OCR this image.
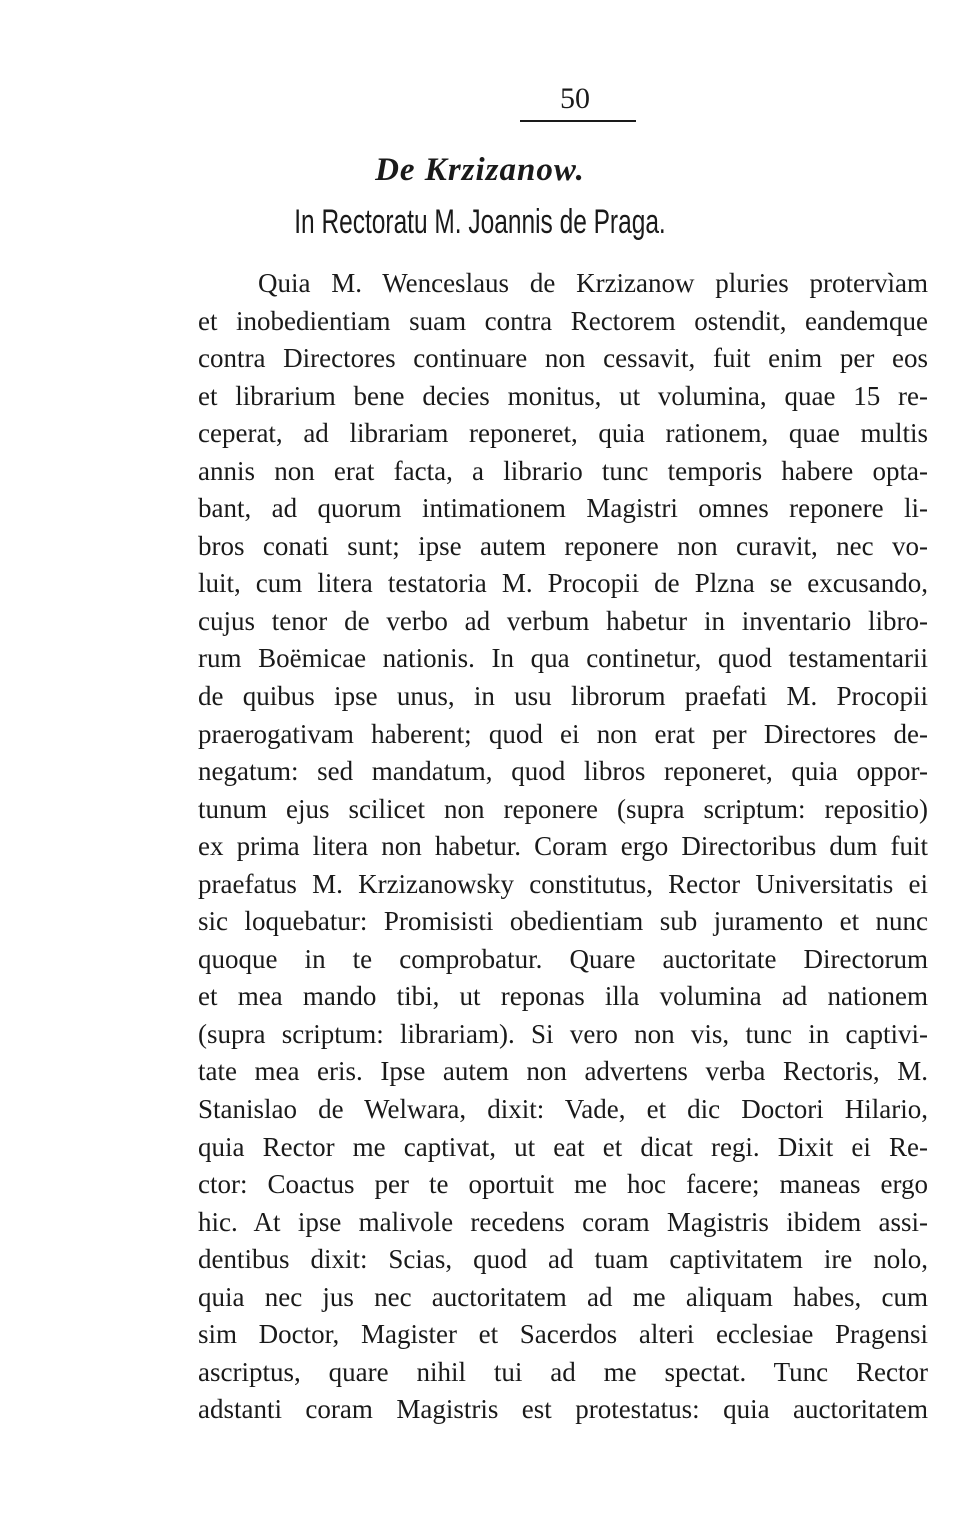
50
De Krzizanow.
In Rectoratu M. Joannis de Praga.
Quia M. Wenceslaus de Krzizanow pluries protervìam
et inobedientiam suam contra Rectorem ostendit, eandemque
contra Directores continuare non cessavit, fuit enim per eos
et librarium bene decies monitus, ut volumina, quae 15 re-
ceperat, ad librariam reponeret, quia rationem, quae multis
annis non erat facta, a librario tunc temporis habere opta-
bant, ad quorum intimationem Magistri omnes reponere li-
bros conati sunt; ipse autem reponere non curavit, nec vo-
luit, cum litera testatoria M. Procopii de Plzna se excusando,
cujus tenor de verbo ad verbum habetur in inventario libro-
rum Boëmicae nationis. In qua continetur, quod testamentarii
de quibus ipse unus, in usu librorum praefati M. Procopii
praerogativam haberent; quod ei non erat per Directores de-
negatum: sed mandatum, quod libros reponeret, quia oppor-
tunum ejus scilicet non reponere (supra scriptum: repositio)
ex prima litera non habetur. Coram ergo Directoribus dum fuit
praefatus M. Krzizanowsky constitutus, Rector Universitatis ei
sic loquebatur: Promisisti obedientiam sub juramento et nunc
quoque in te comprobatur. Quare auctoritate Directorum
et mea mando tibi, ut reponas illa volumina ad nationem
(supra scriptum: librariam). Si vero non vis, tunc in captivi-
tate mea eris. Ipse autem non advertens verba Rectoris, M.
Stanislao de Welwara, dixit: Vade, et dic Doctori Hilario,
quia Rector me captivat, ut eat et dicat regi. Dixit ei Re-
ctor: Coactus per te oportuit me hoc facere; maneas ergo
hic. At ipse malivole recedens coram Magistris ibidem assi-
dentibus dixit: Scias, quod ad tuam captivitatem ire nolo,
quia nec jus nec auctoritatem ad me aliquam habes, cum
sim Doctor, Magister et Sacerdos alteri ecclesiae Pragensi
ascriptus, quare nihil tui ad me spectat. Tunc Rector
adstanti coram Magistris est protestatus: quia auctoritatem
